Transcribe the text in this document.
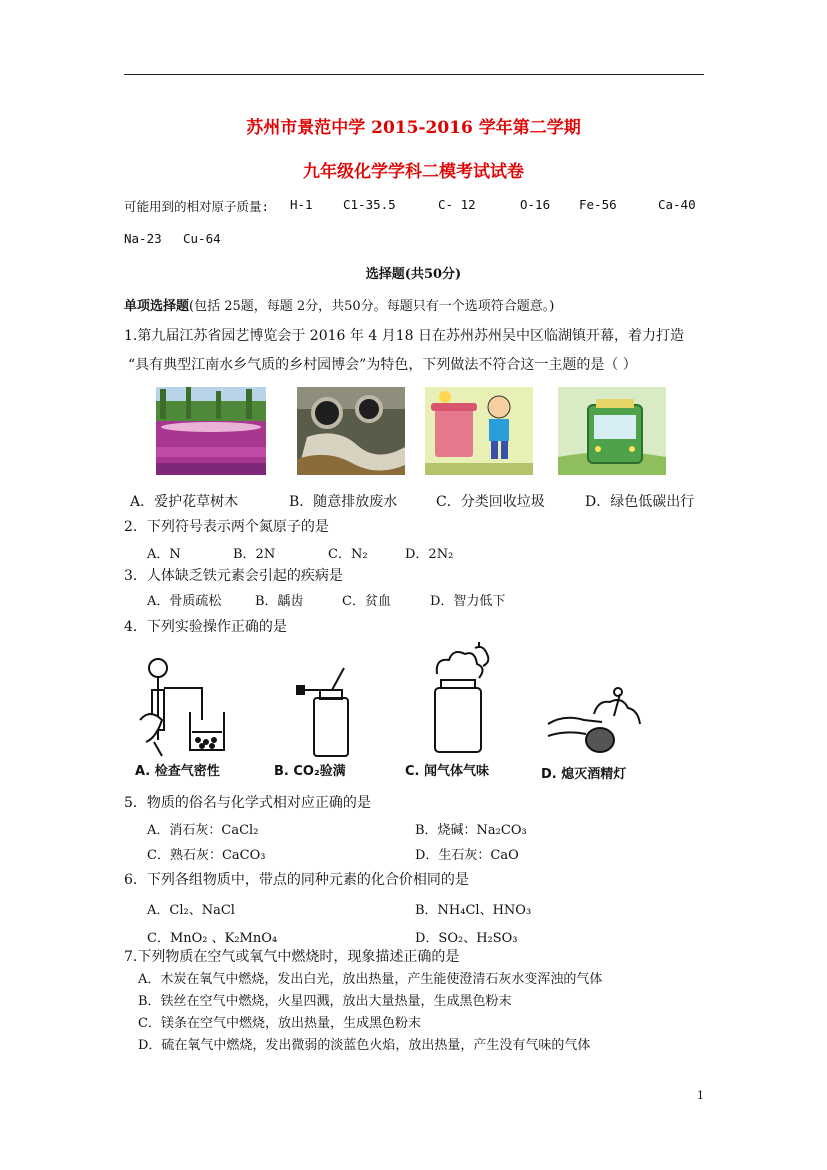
苏州市景范中学 2015-2016 学年第二学期
九年级化学学科二模考试试卷
可能用到的相对原子质量: H-1 C1-35.5	C- 12	O-16 Fe-56	Ca-40
Na-23 Cu-64
选择题(共50分)
单项选择题(包括 25题，每题 2分，共50分。每题只有一个选项符合题意。)
1.第九届江苏省园艺博览会于 2016 年 4 月18 日在苏州苏州吴中区临湖镇开幕，着力打造
“具有典型江南水乡气质的乡村园博会”为特色，下列做法不符合这一主题的是（ ）
A．爱护花草树木	B．随意排放废水	C．分类回收垃圾	D．绿色低碳出行
2．下列符号表示两个氮原子的是
A．N	B．2N	C．N₂	D．2N₂
3．人体缺乏铁元素会引起的疾病是
A．骨质疏松	B．龋齿	C．贫血	D．智力低下
4．下列实验操作正确的是
A. 检查气密性	B. CO₂验满	C. 闻气体气味	D. 熄灭酒精灯
5．物质的俗名与化学式相对应正确的是
A．消石灰：CaCl₂	B．烧碱：Na₂CO₃
C．熟石灰：CaCO₃	D．生石灰：CaO
6．下列各组物质中，带点的同种元素的化合价相同的是
A．Cl₂、NaCl	B．NH₄Cl、HNO₃
C．MnO₂ 、K₂MnO₄	D．SO₂、H₂SO₃
7.下列物质在空气或氧气中燃烧时，现象描述正确的是
A．木炭在氧气中燃烧，发出白光，放出热量，产生能使澄清石灰水变浑浊的气体
B．铁丝在空气中燃烧，火星四溅，放出大量热量，生成黑色粉末
C．镁条在空气中燃烧，放出热量，生成黑色粉末
D．硫在氧气中燃烧，发出微弱的淡蓝色火焰，放出热量，产生没有气味的气体
1
